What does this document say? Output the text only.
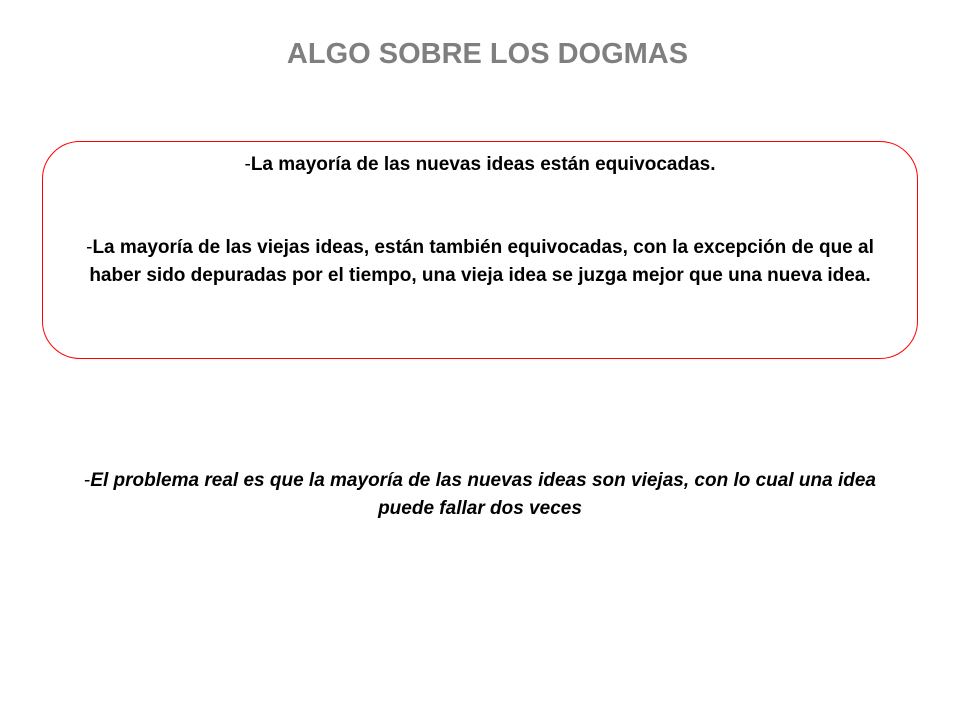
ALGO SOBRE LOS DOGMAS

-La mayoría de las nuevas ideas están equivocadas.

-La mayoría de las viejas ideas, están también equivocadas, con la excepción de que al haber sido depuradas por el tiempo, una vieja idea se juzga mejor que una nueva idea.

-El problema real es que la mayoría de las nuevas ideas son viejas, con lo cual una idea puede fallar dos veces
